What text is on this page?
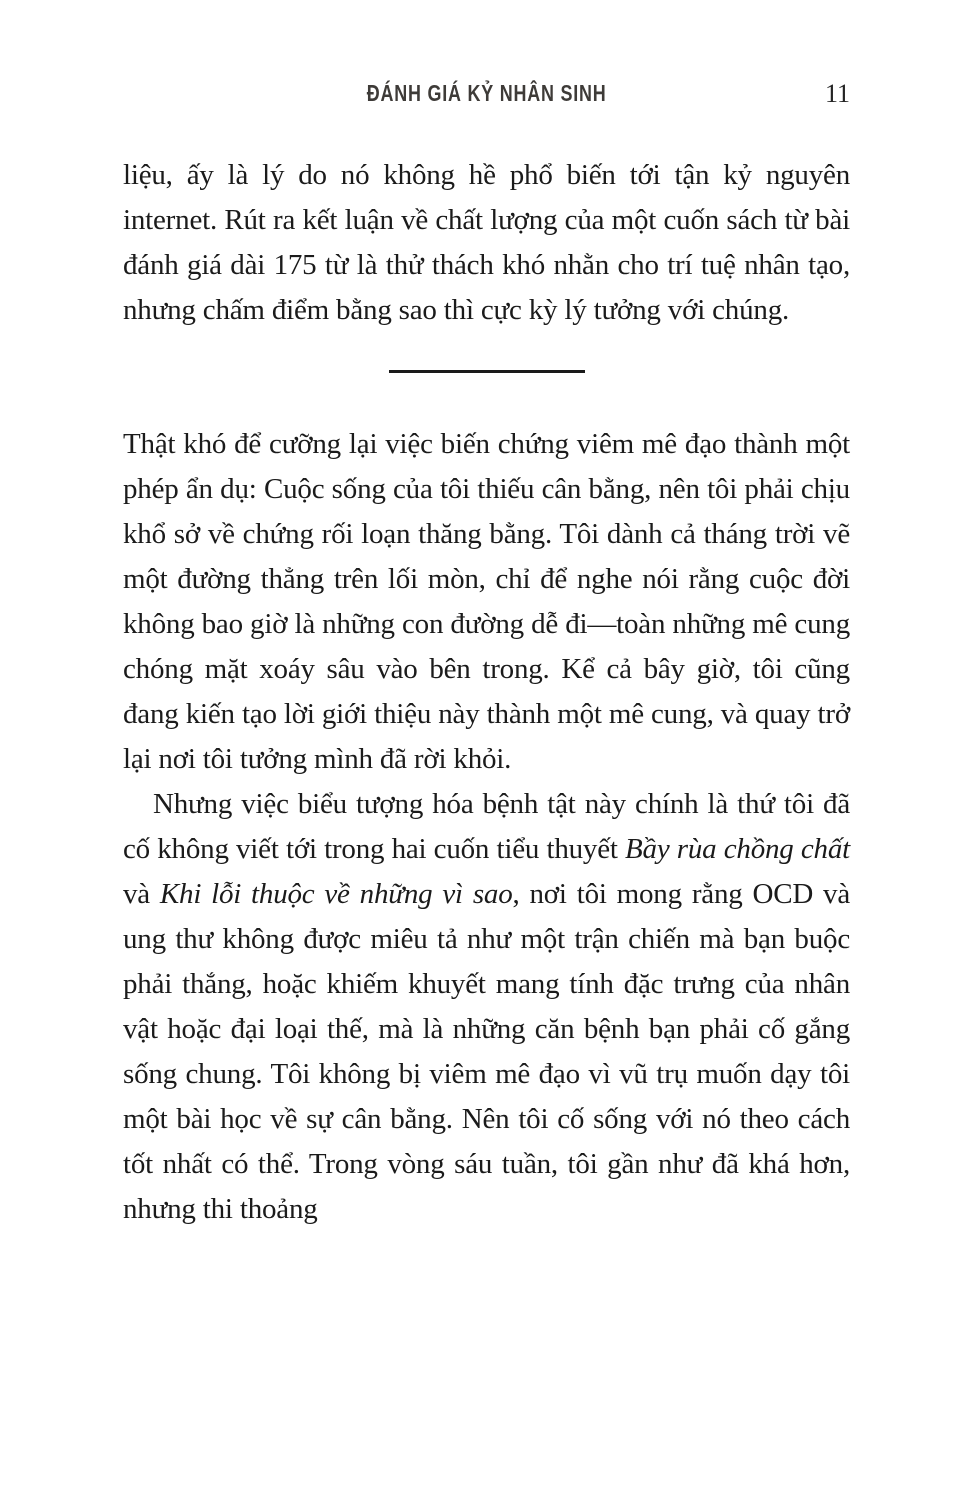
ĐÁNH GIÁ KỶ NHÂN SINH	11

liệu, ấy là lý do nó không hề phổ biến tới tận kỷ nguyên internet. Rút ra kết luận về chất lượng của một cuốn sách từ bài đánh giá dài 175 từ là thử thách khó nhằn cho trí tuệ nhân tạo, nhưng chấm điểm bằng sao thì cực kỳ lý tưởng với chúng.

Thật khó để cưỡng lại việc biến chứng viêm mê đạo thành một phép ẩn dụ: Cuộc sống của tôi thiếu cân bằng, nên tôi phải chịu khổ sở về chứng rối loạn thăng bằng. Tôi dành cả tháng trời vẽ một đường thẳng trên lối mòn, chỉ để nghe nói rằng cuộc đời không bao giờ là những con đường dễ đi—toàn những mê cung chóng mặt xoáy sâu vào bên trong. Kể cả bây giờ, tôi cũng đang kiến tạo lời giới thiệu này thành một mê cung, và quay trở lại nơi tôi tưởng mình đã rời khỏi.

Nhưng việc biểu tượng hóa bệnh tật này chính là thứ tôi đã cố không viết tới trong hai cuốn tiểu thuyết Bầy rùa chồng chất và Khi lỗi thuộc về những vì sao, nơi tôi mong rằng OCD và ung thư không được miêu tả như một trận chiến mà bạn buộc phải thắng, hoặc khiếm khuyết mang tính đặc trưng của nhân vật hoặc đại loại thế, mà là những căn bệnh bạn phải cố gắng sống chung. Tôi không bị viêm mê đạo vì vũ trụ muốn dạy tôi một bài học về sự cân bằng. Nên tôi cố sống với nó theo cách tốt nhất có thể. Trong vòng sáu tuần, tôi gần như đã khá hơn, nhưng thi thoảng
